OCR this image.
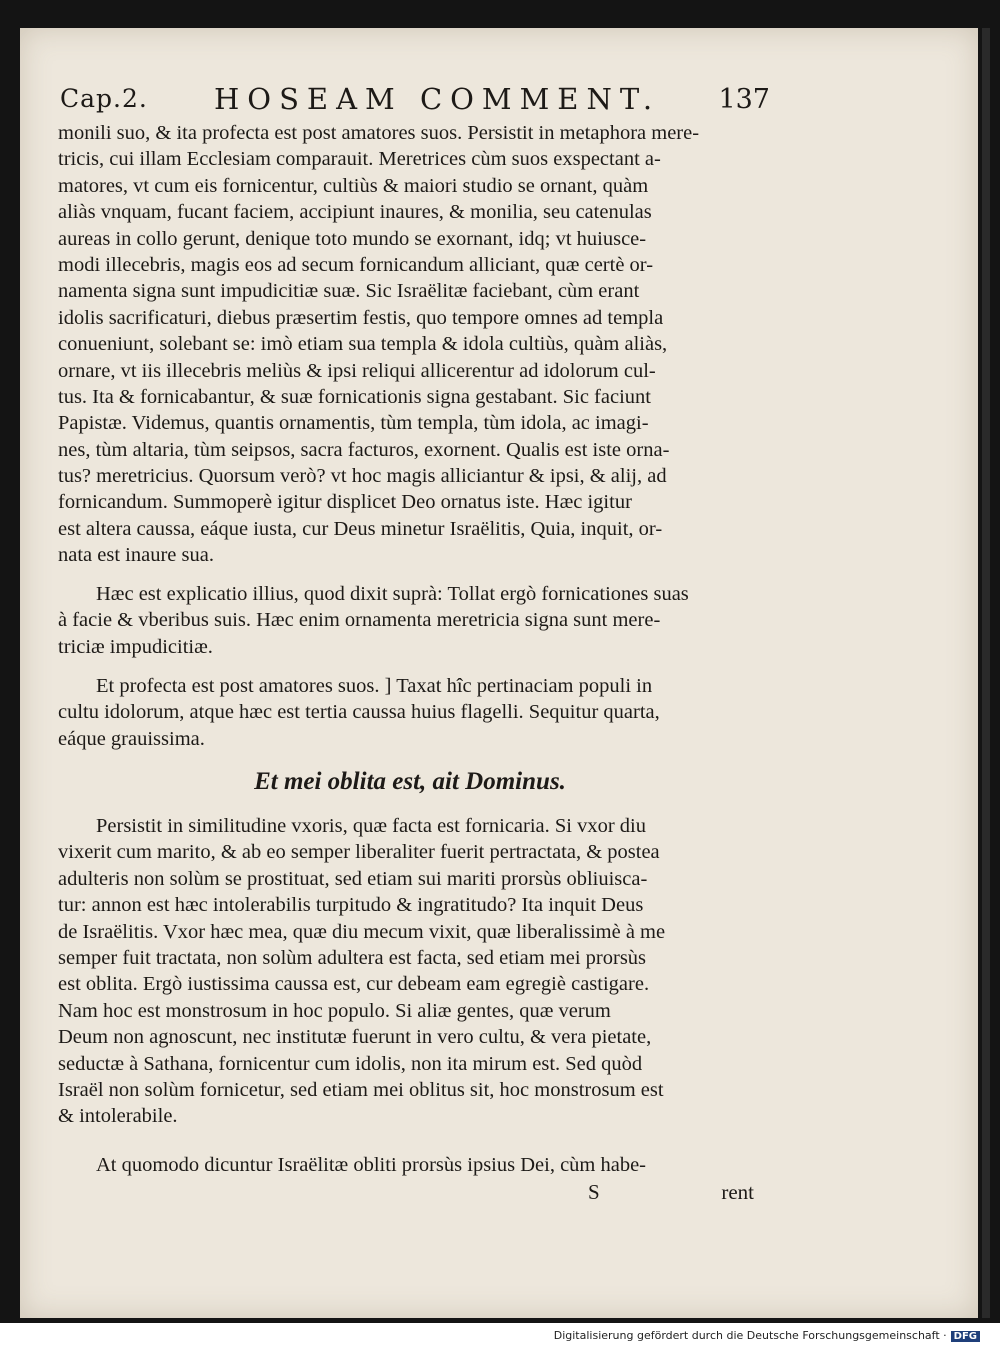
Cap.2. HOSEAM COMMENT. 137
monili suo, & ita profecta est post amatores suos. Persistit in metaphora mere-
tricis, cui illam Ecclesiam comparauit. Meretrices cùm suos exspectant a-
matores, vt cum eis fornicentur, cultiùs & maiori studio se ornant, quàm
aliàs vnquam, fucant faciem, accipiunt inaures, & monilia, seu catenulas
aureas in collo gerunt, denique toto mundo se exornant, idq; vt huiusce-
modi illecebris, magis eos ad secum fornicandum alliciant, quæ certè or-
namenta signa sunt impudicitiæ suæ. Sic Israëlitæ faciebant, cùm erant
idolis sacrificaturi, diebus præsertim festis, quo tempore omnes ad templa
conueniunt, solebant se: imò etiam sua templa & idola cultiùs, quàm aliàs,
ornare, vt iis illecebris meliùs & ipsi reliqui allicerentur ad idolorum cul-
tus. Ita & fornicabantur, & suæ fornicationis signa gestabant. Sic faciunt
Papistæ. Videmus, quantis ornamentis, tùm templa, tùm idola, ac imagi-
nes, tùm altaria, tùm seipsos, sacra facturos, exornent. Qualis est iste orna-
tus? meretricius. Quorsum verò? vt hoc magis alliciantur & ipsi, & alij, ad
fornicandum. Summoperè igitur displicet Deo ornatus iste. Hæc igitur
est altera caussa, eáque iusta, cur Deus minetur Israëlitis, Quia, inquit, or-
nata est inaure sua.
Hæc est explicatio illius, quod dixit suprà: Tollat ergò fornicationes suas
à facie & vberibus suis. Hæc enim ornamenta meretricia signa sunt mere-
triciæ impudicitiæ.
Et profecta est post amatores suos. ] Taxat hîc pertinaciam populi in
cultu idolorum, atque hæc est tertia caussa huius flagelli. Sequitur quarta,
eáque grauissima.
Et mei oblita est, ait Dominus.
Persistit in similitudine vxoris, quæ facta est fornicaria. Si vxor diu
vixerit cum marito, & ab eo semper liberaliter fuerit pertractata, & postea
adulteris non solùm se prostituat, sed etiam sui mariti prorsùs obliuisca-
tur: annon est hæc intolerabilis turpitudo & ingratitudo? Ita inquit Deus
de Israëlitis. Vxor hæc mea, quæ diu mecum vixit, quæ liberalissimè à me
semper fuit tractata, non solùm adultera est facta, sed etiam mei prorsùs
est oblita. Ergò iustissima caussa est, cur debeam eam egregiè castigare.
Nam hoc est monstrosum in hoc populo. Si aliæ gentes, quæ verum
Deum non agnoscunt, nec institutæ fuerunt in vero cultu, & vera pietate,
seductæ à Sathana, fornicentur cum idolis, non ita mirum est. Sed quòd
Israël non solùm fornicetur, sed etiam mei oblitus sit, hoc monstrosum est
& intolerabile.
At quomodo dicuntur Israëlitæ obliti prorsùs ipsius Dei, cùm habe-
S	rent
Digitalisierung gefördert durch die Deutsche Forschungsgemeinschaft · DFG
